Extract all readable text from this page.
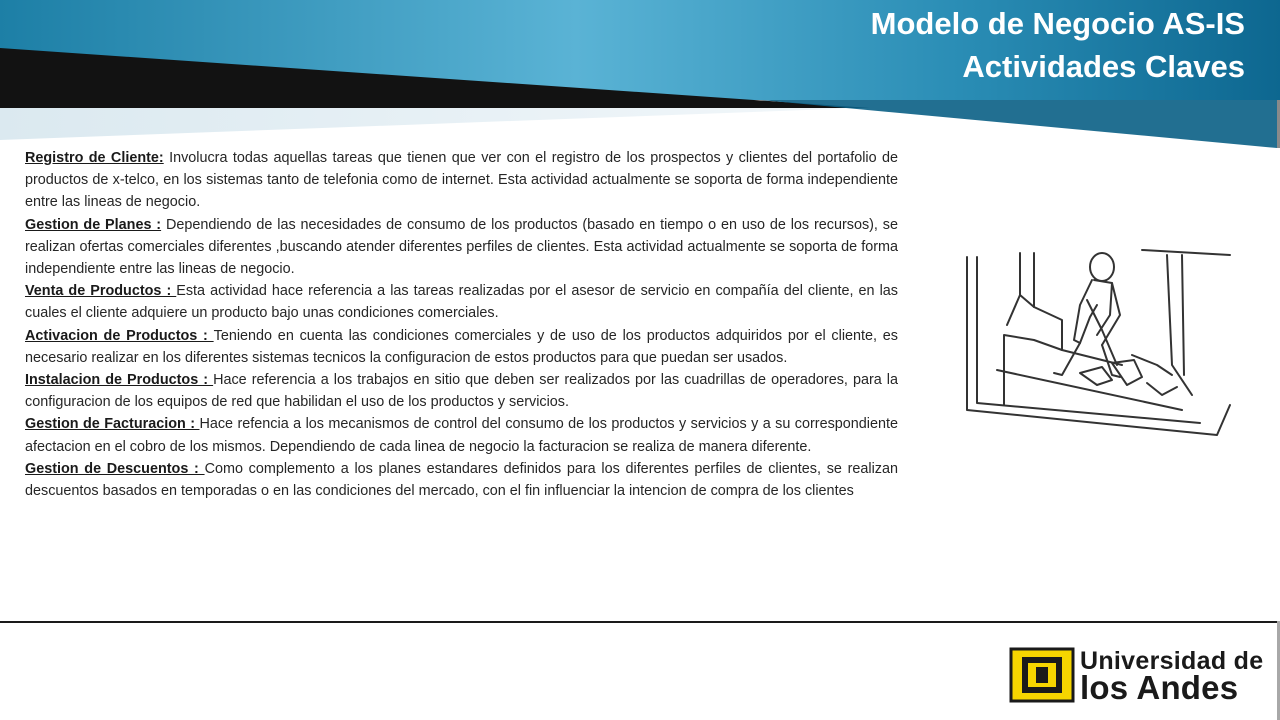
Modelo de Negocio AS-IS
Actividades Claves

Registro de Cliente: Involucra todas aquellas tareas que tienen que ver con el registro de los prospectos y clientes del portafolio de productos de x-telco, en los sistemas tanto de telefonia como de internet. Esta actividad actualmente se soporta de forma independiente entre las lineas de negocio.

Gestion de Planes : Dependiendo de las necesidades de consumo de los productos (basado en tiempo o en uso de los recursos), se realizan ofertas comerciales diferentes ,buscando atender diferentes perfiles de clientes. Esta actividad actualmente se soporta de forma independiente entre las lineas de negocio.

Venta de Productos : Esta actividad hace referencia a las tareas realizadas por el asesor de servicio en compañía del cliente, en las cuales el cliente adquiere un producto bajo unas condiciones comerciales.

Activacion de Productos : Teniendo en cuenta las condiciones comerciales y de uso de los productos adquiridos por el cliente, es necesario realizar en los diferentes sistemas tecnicos la configuracion de estos productos para que puedan ser usados.

Instalacion de Productos : Hace referencia a los trabajos en sitio que deben ser realizados por las cuadrillas de operadores, para la configuracion de los equipos de red que habilidan el uso de los productos y servicios.

Gestion de Facturacion : Hace refencia a los mecanismos de control del consumo de los productos y servicios y a su correspondiente afectacion en el cobro de los mismos. Dependiendo de cada linea de negocio la facturacion se realiza de manera diferente.

Gestion de Descuentos : Como complemento a los planes estandares definidos para los diferentes perfiles de clientes, se realizan descuentos basados en temporadas o en las condiciones del mercado, con el fin influenciar la intencion de compra de los clientes

Universidad de
los Andes
